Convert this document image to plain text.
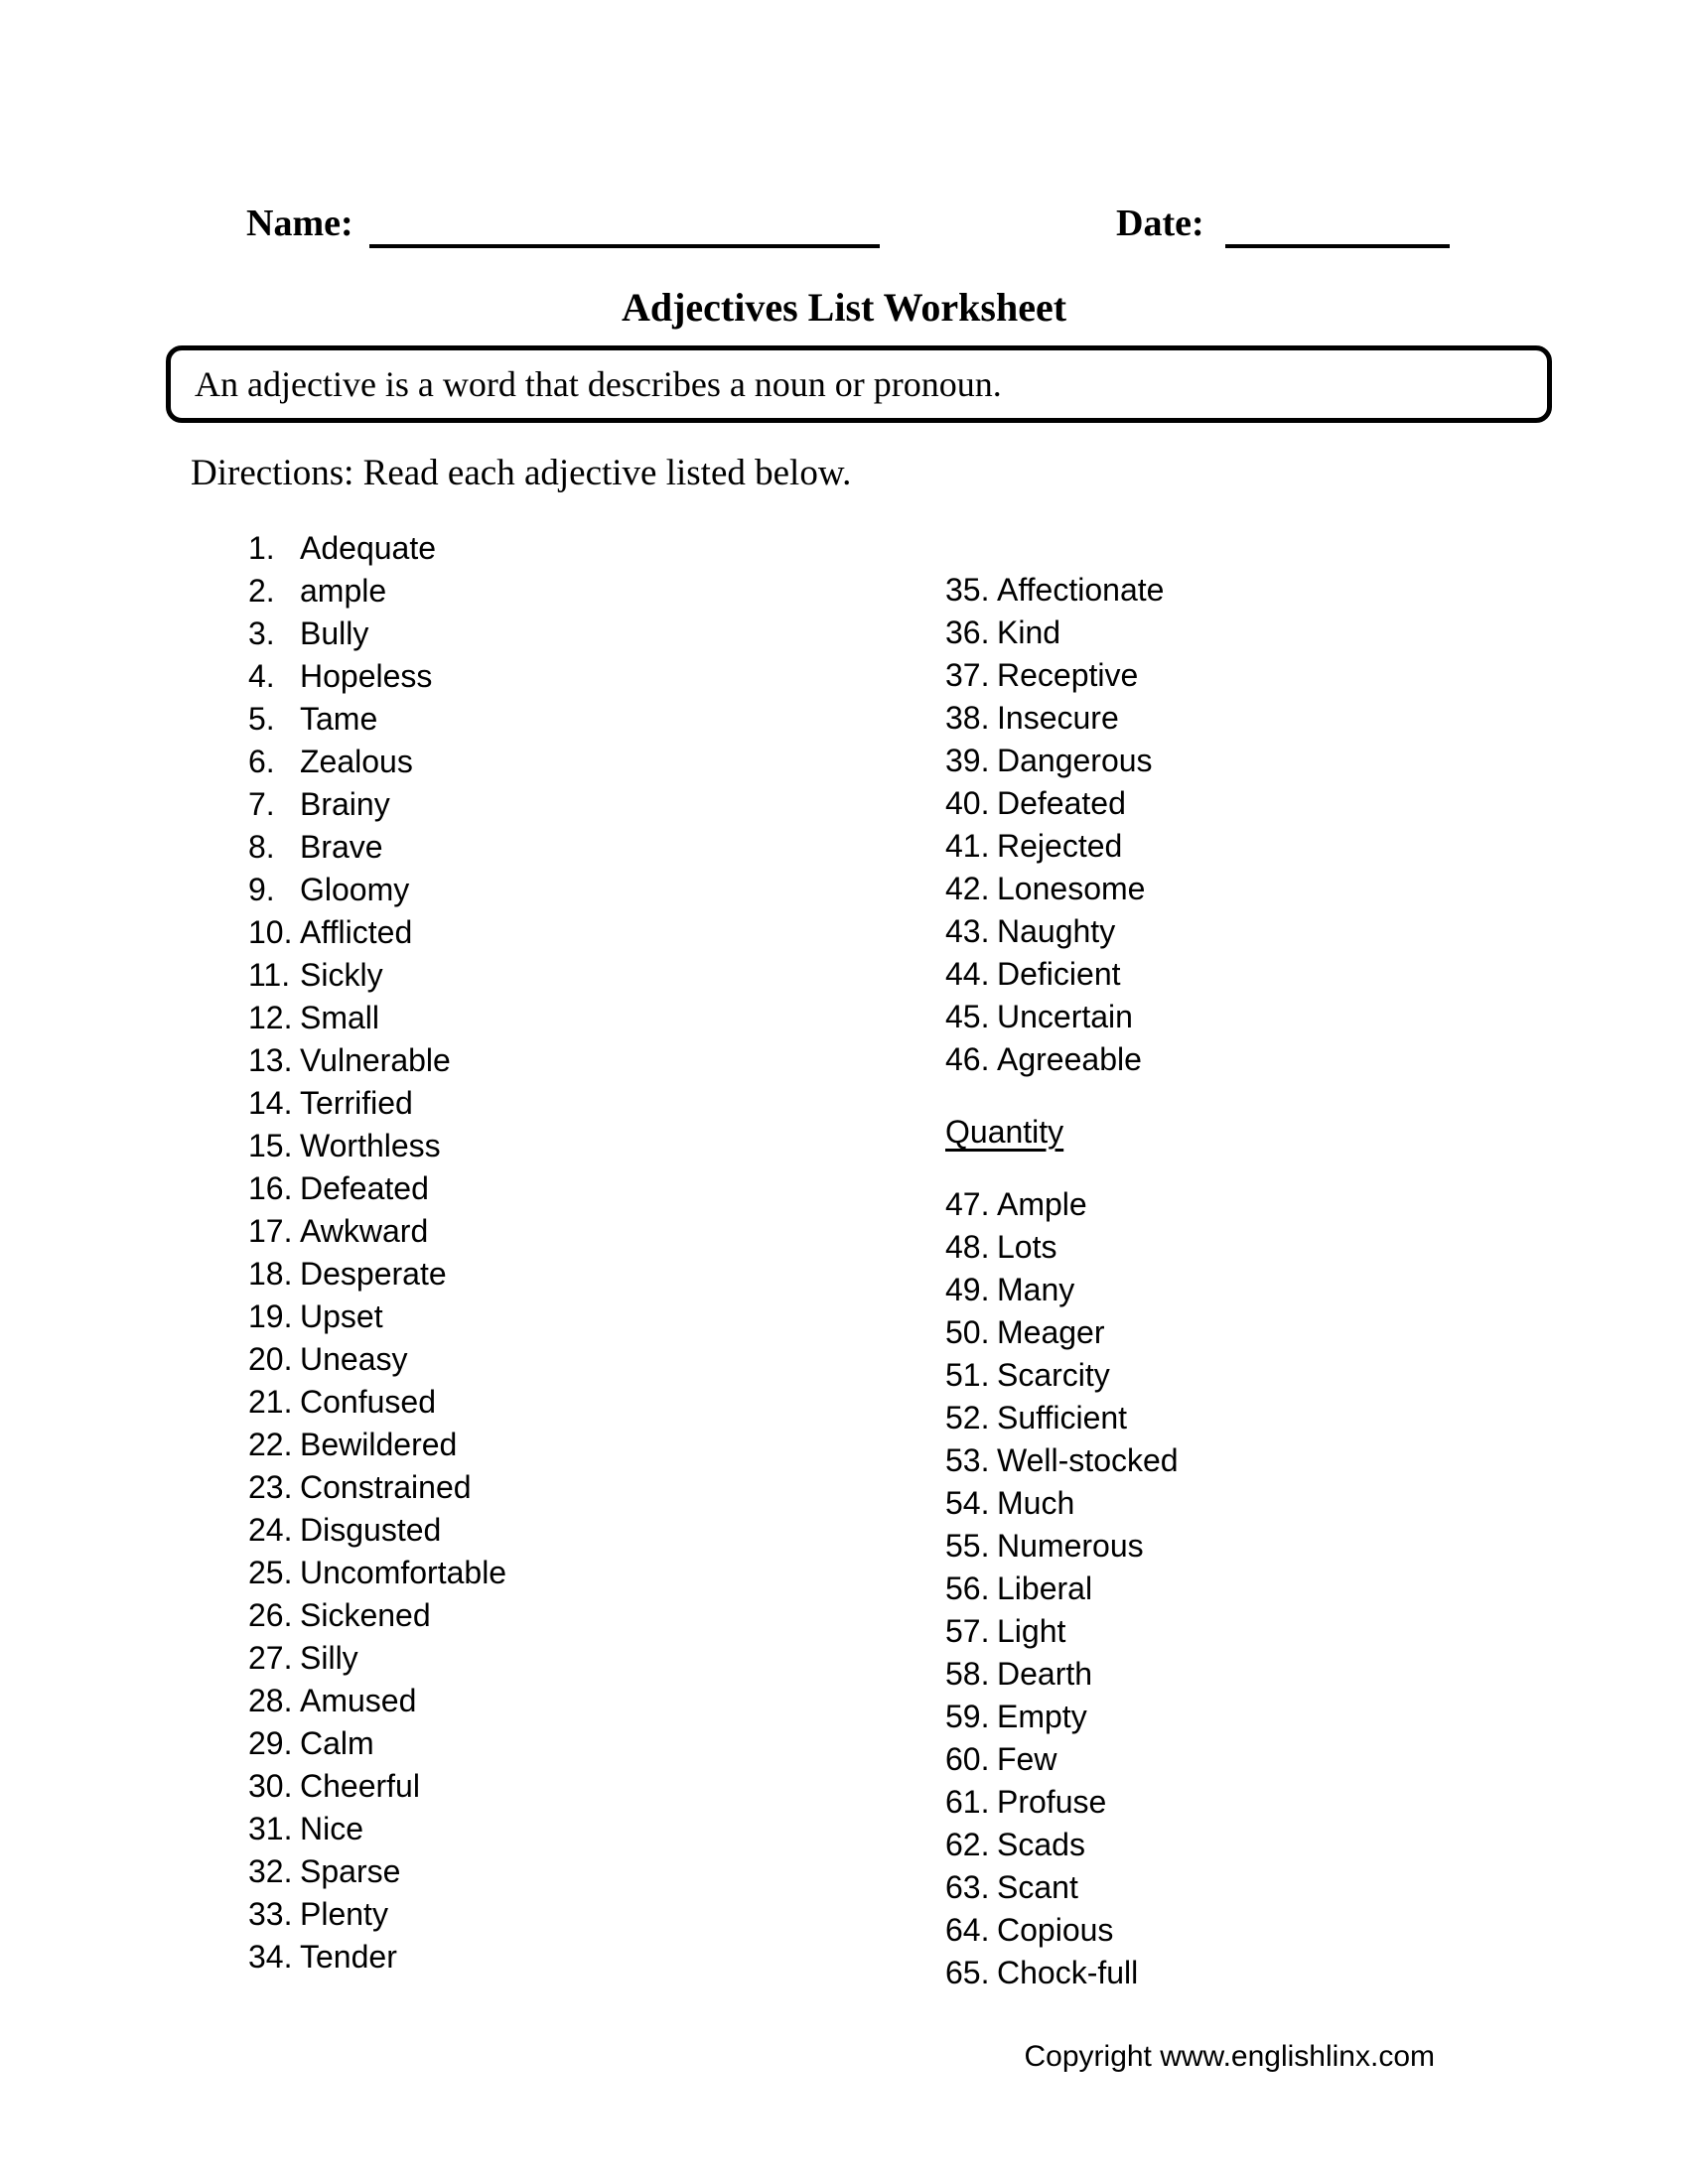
Name:	Date:
Adjectives List Worksheet
An adjective is a word that describes a noun or pronoun.
Directions: Read each adjective listed below.
1. Adequate
2. ample
3. Bully
4. Hopeless
5. Tame
6. Zealous
7. Brainy
8. Brave
9. Gloomy
10. Afflicted
11. Sickly
12. Small
13. Vulnerable
14. Terrified
15. Worthless
16. Defeated
17. Awkward
18. Desperate
19. Upset
20. Uneasy
21. Confused
22. Bewildered
23. Constrained
24. Disgusted
25. Uncomfortable
26. Sickened
27. Silly
28. Amused
29. Calm
30. Cheerful
31. Nice
32. Sparse
33. Plenty
34. Tender
35. Affectionate
36. Kind
37. Receptive
38. Insecure
39. Dangerous
40. Defeated
41. Rejected
42. Lonesome
43. Naughty
44. Deficient
45. Uncertain
46. Agreeable
Quantity
47. Ample
48. Lots
49. Many
50. Meager
51. Scarcity
52. Sufficient
53. Well-stocked
54. Much
55. Numerous
56. Liberal
57. Light
58. Dearth
59. Empty
60. Few
61. Profuse
62. Scads
63. Scant
64. Copious
65. Chock-full
Copyright www.englishlinx.com
